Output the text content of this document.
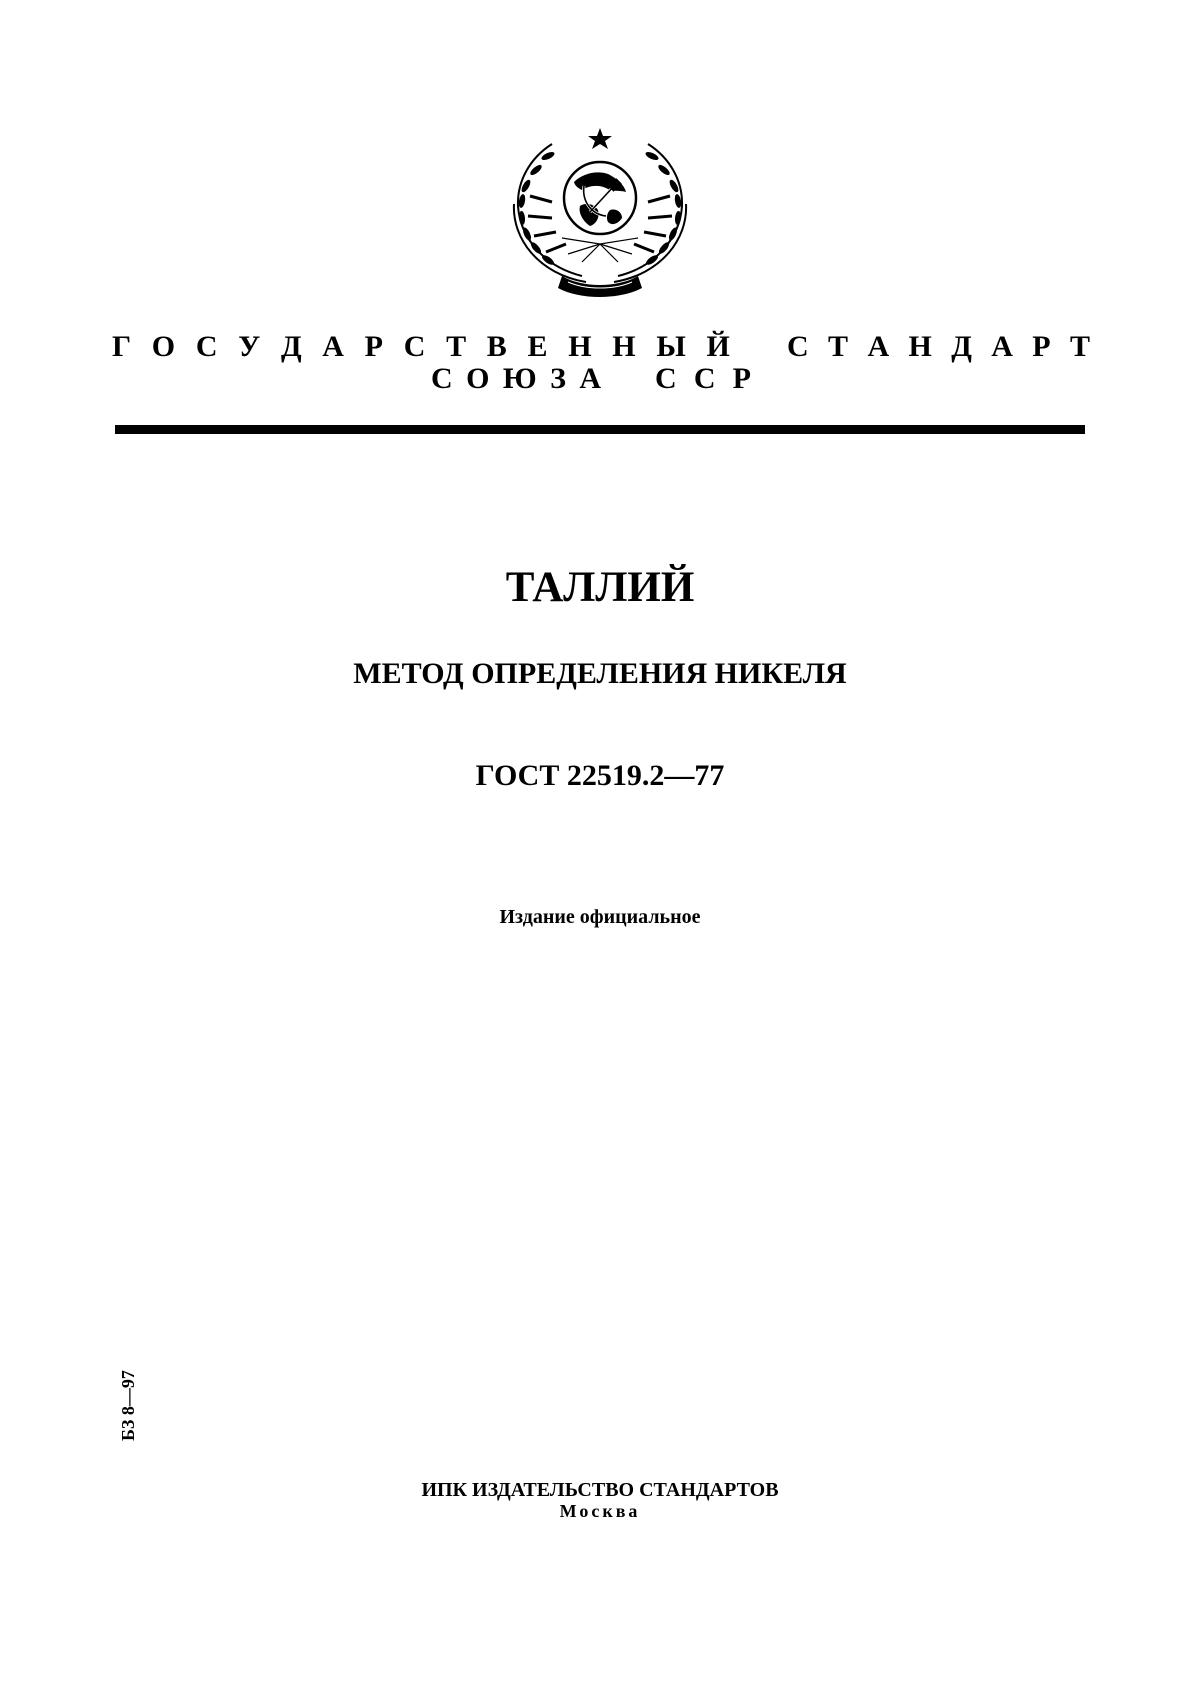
Г О С У Д А Р С Т В Е Н Н Ы Й С Т А Н Д А Р Т
С О Ю З А С С Р
ТАЛЛИЙ
МЕТОД ОПРЕДЕЛЕНИЯ НИКЕЛЯ
ГОСТ 22519.2—77
Издание официальное
БЗ 8—97
ИПК ИЗДАТЕЛЬСТВО СТАНДАРТОВ
Москва
